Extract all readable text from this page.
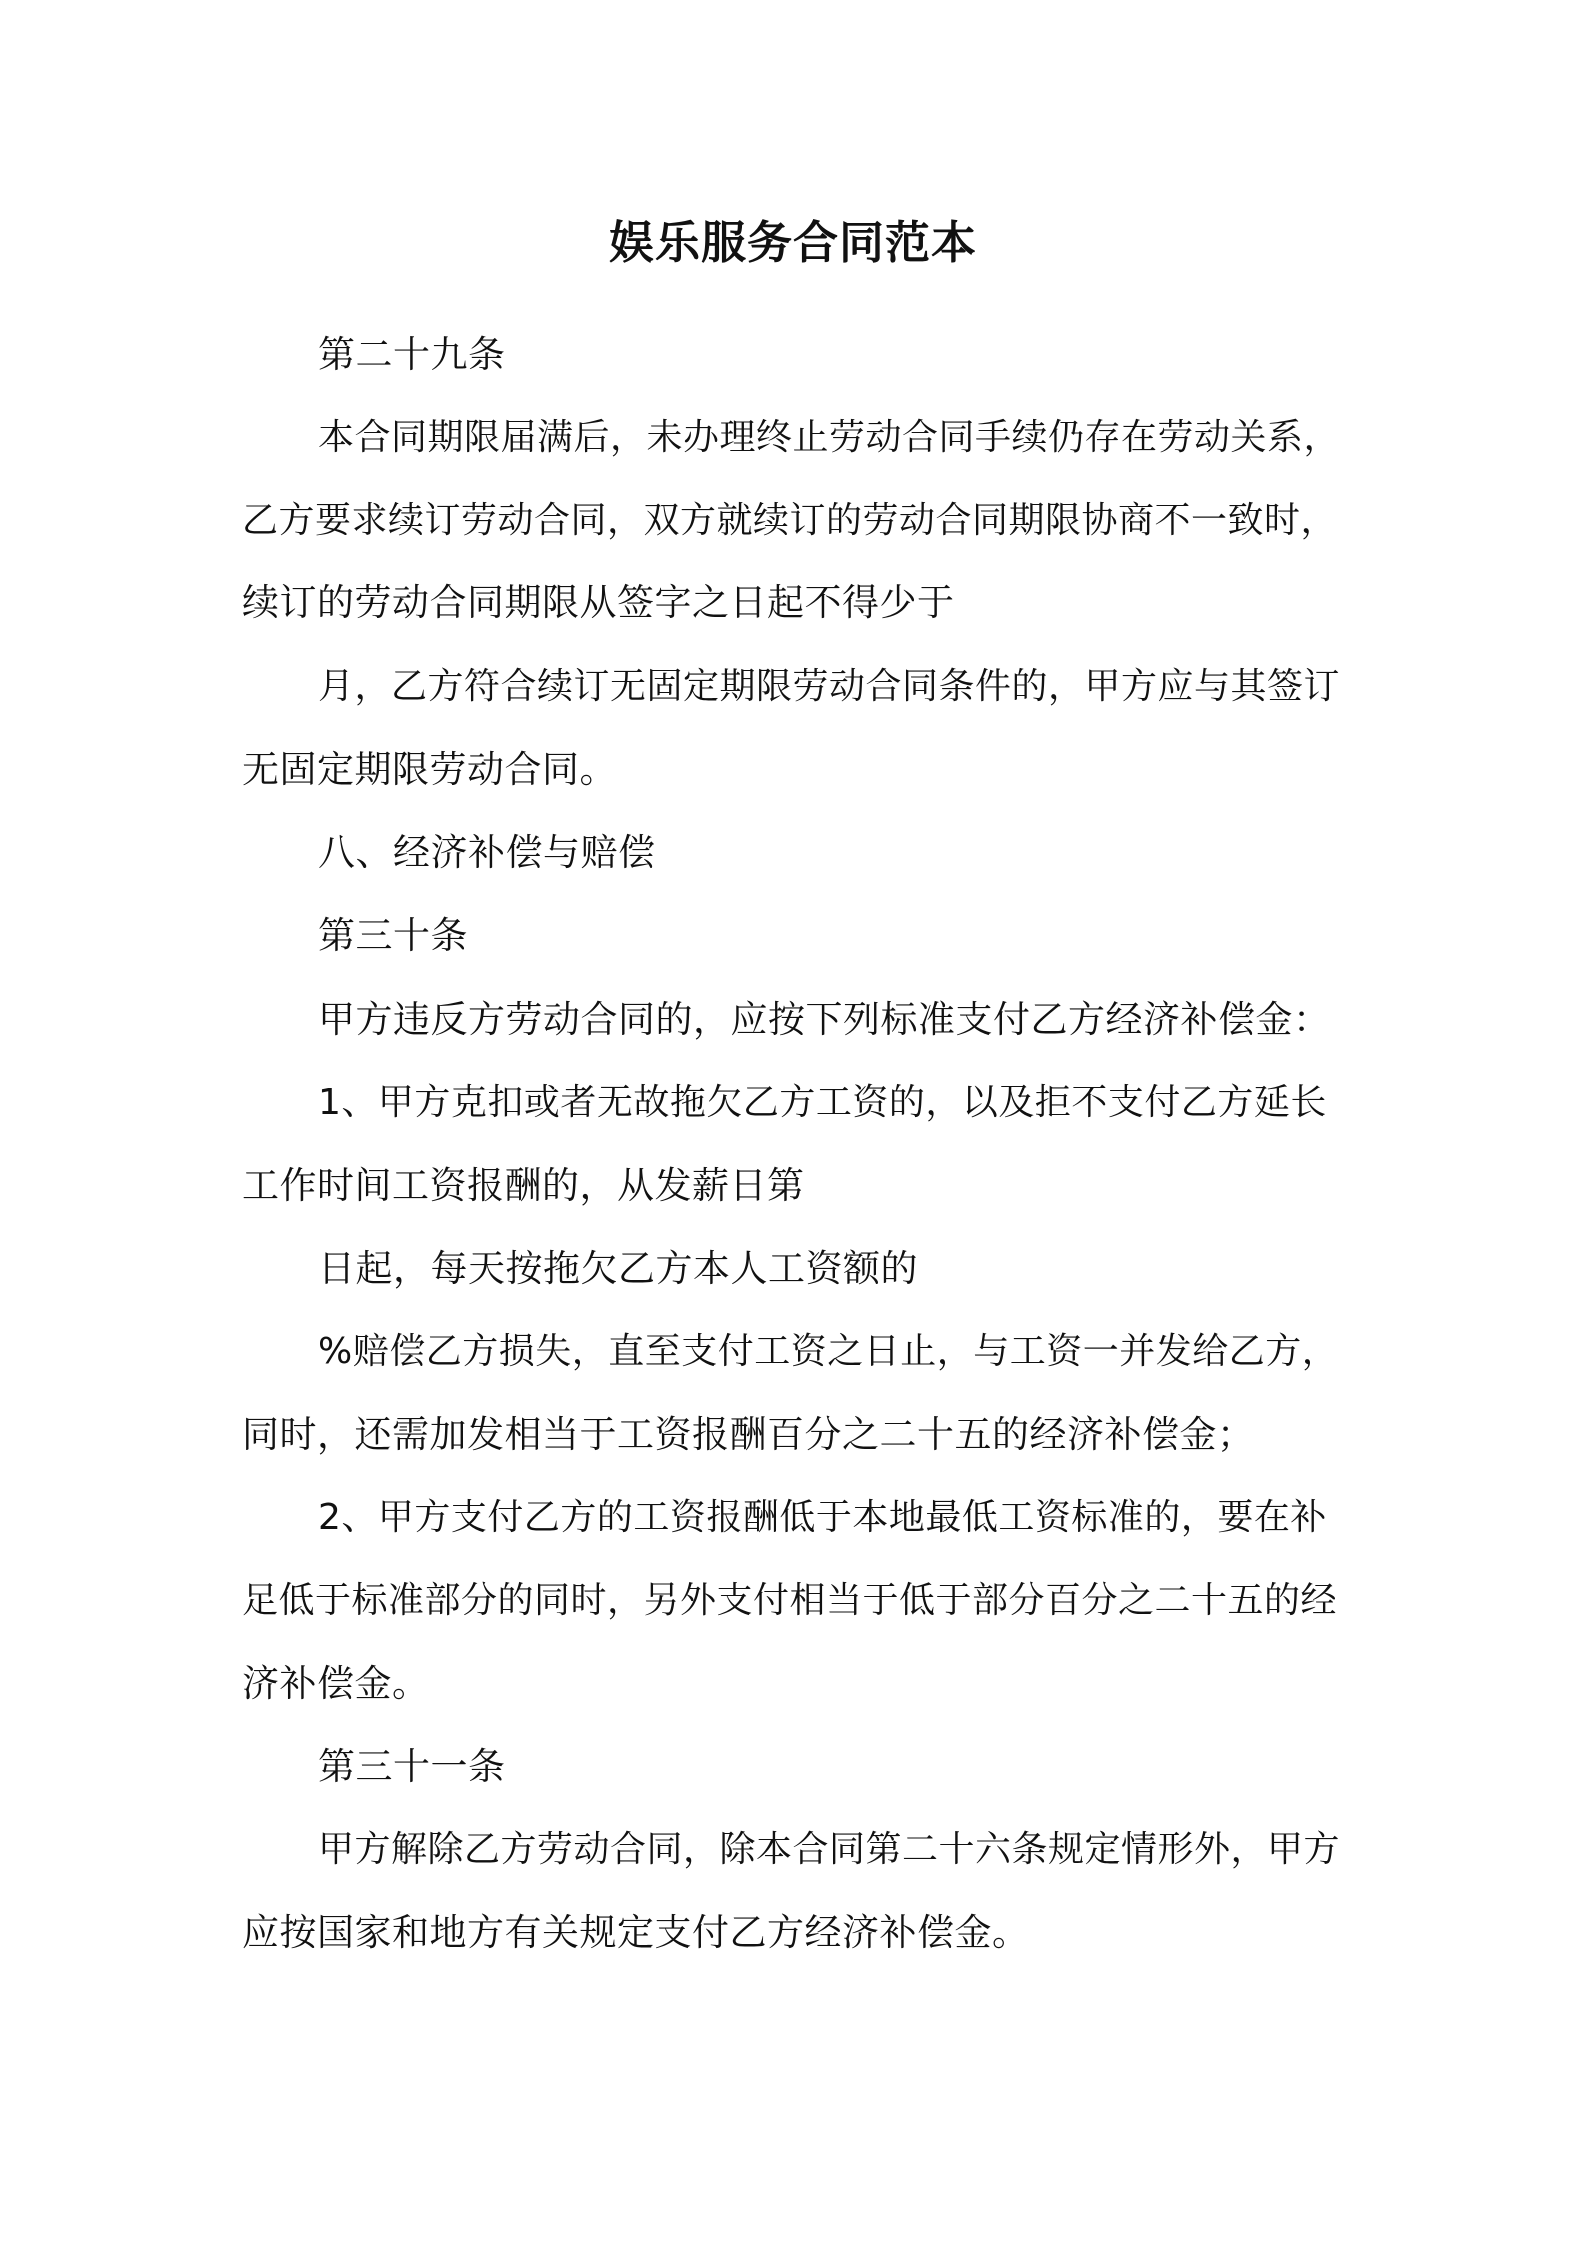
娱乐服务合同范本
第二十九条
本合同期限届满后，未办理终止劳动合同手续仍存在劳动关系，
乙方要求续订劳动合同，双方就续订的劳动合同期限协商不一致时，
续订的劳动合同期限从签字之日起不得少于
月，乙方符合续订无固定期限劳动合同条件的，甲方应与其签订
无固定期限劳动合同。
八、经济补偿与赔偿
第三十条
甲方违反方劳动合同的，应按下列标准支付乙方经济补偿金：
1、甲方克扣或者无故拖欠乙方工资的，以及拒不支付乙方延长
工作时间工资报酬的，从发薪日第
日起，每天按拖欠乙方本人工资额的
%赔偿乙方损失，直至支付工资之日止，与工资一并发给乙方，
同时，还需加发相当于工资报酬百分之二十五的经济补偿金；
2、甲方支付乙方的工资报酬低于本地最低工资标准的，要在补
足低于标准部分的同时，另外支付相当于低于部分百分之二十五的经
济补偿金。
第三十一条
甲方解除乙方劳动合同，除本合同第二十六条规定情形外，甲方
应按国家和地方有关规定支付乙方经济补偿金。
